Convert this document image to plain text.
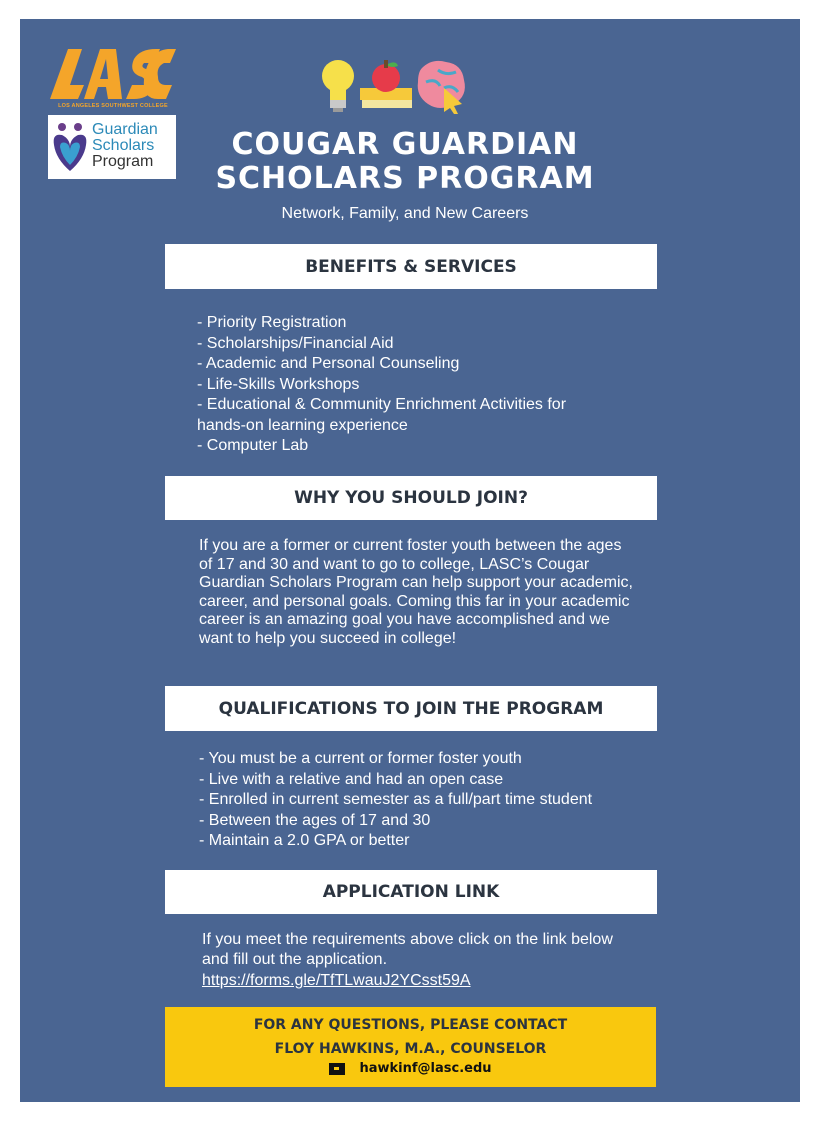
LOS ANGELES SOUTHWEST COLLEGE
Guardian
Scholars
Program	COUGAR GUARDIAN
SCHOLARS PROGRAM
Network, Family, and New Careers
BENEFITS & SERVICES
- Priority Registration
- Scholarships/Financial Aid
- Academic and Personal Counseling
- Life-Skills Workshops
- Educational & Community Enrichment Activities for hands-on learning experience
- Computer Lab
WHY YOU SHOULD JOIN?
If you are a former or current foster youth between the ages of 17 and 30 and want to go to college, LASC’s Cougar Guardian Scholars Program can help support your academic, career, and personal goals. Coming this far in your academic career is an amazing goal you have accomplished and we want to help you succeed in college!
QUALIFICATIONS TO JOIN THE PROGRAM
- You must be a current or former foster youth
- Live with a relative and had an open case
- Enrolled in current semester as a full/part time student
- Between the ages of 17 and 30
- Maintain a 2.0 GPA or better
APPLICATION LINK
If you meet the requirements above click on the link below and fill out the application.
https://forms.gle/TfTLwauJ2YCsst59A
FOR ANY QUESTIONS, PLEASE CONTACT
FLOY HAWKINS, M.A., COUNSELOR
hawkinf@lasc.edu
